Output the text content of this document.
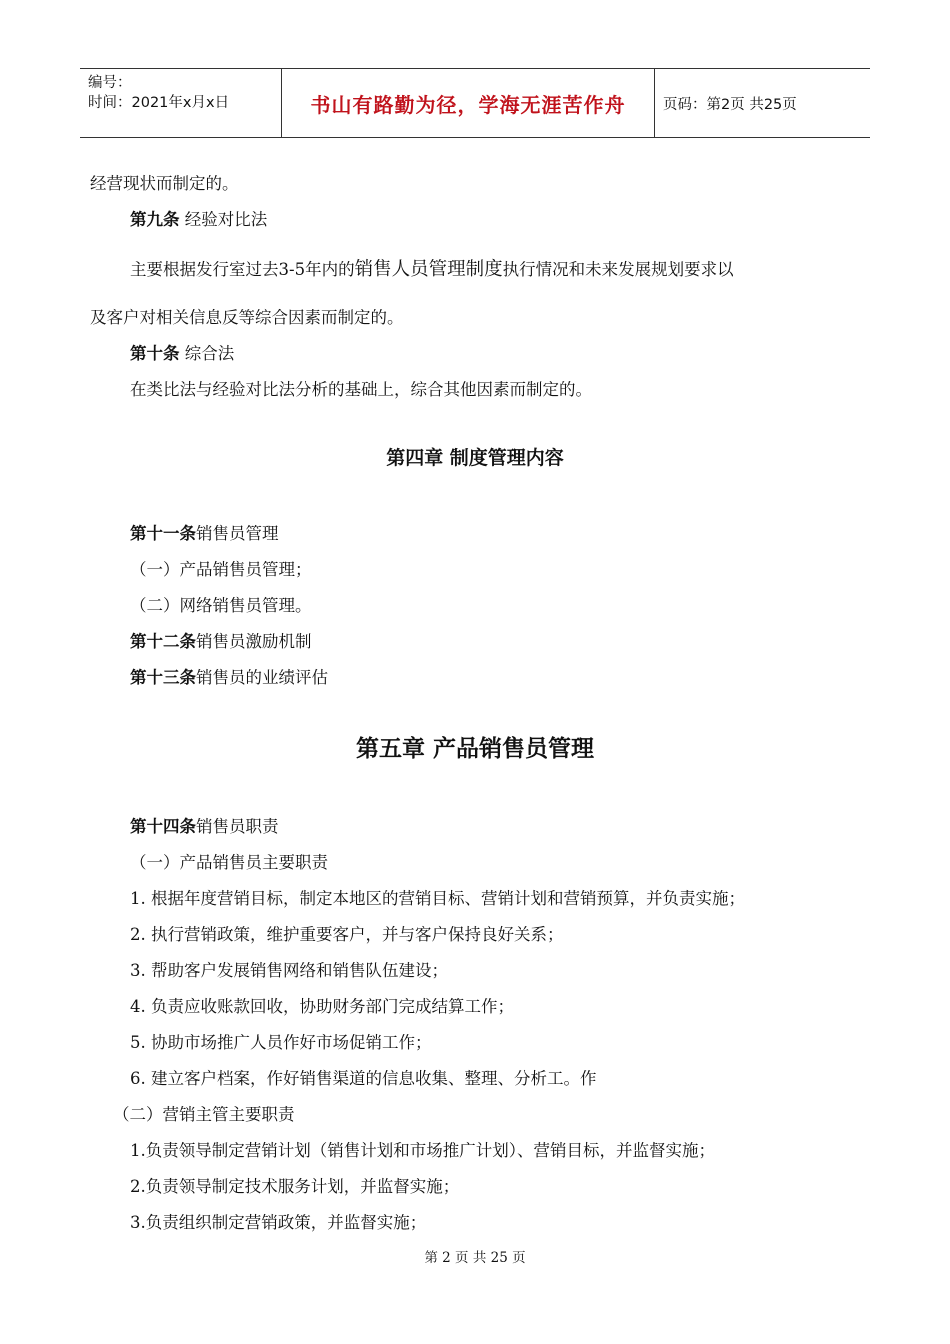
编号：
时间：2021年x月x日	书山有路勤为径，学海无涯苦作舟	页码：第2页 共25页
经营现状而制定的。
第九条 经验对比法
主要根据发行室过去3-5年内的销售人员管理制度执行情况和未来发展规划要求以
及客户对相关信息反等综合因素而制定的。
第十条 综合法
在类比法与经验对比法分析的基础上，综合其他因素而制定的。
第四章 制度管理内容
第十一条销售员管理
（一）产品销售员管理；
（二）网络销售员管理。
第十二条销售员激励机制
第十三条销售员的业绩评估
第五章 产品销售员管理
第十四条销售员职责
（一）产品销售员主要职责
1. 根据年度营销目标，制定本地区的营销目标、营销计划和营销预算，并负责实施；
2. 执行营销政策，维护重要客户，并与客户保持良好关系；
3. 帮助客户发展销售网络和销售队伍建设；
4. 负责应收账款回收，协助财务部门完成结算工作；
5. 协助市场推广人员作好市场促销工作；
6. 建立客户档案，作好销售渠道的信息收集、整理、分析工。作
（二）营销主管主要职责
1.负责领导制定营销计划（销售计划和市场推广计划）、营销目标，并监督实施；
2.负责领导制定技术服务计划，并监督实施；
3.负责组织制定营销政策，并监督实施；
第 2 页 共 25 页
